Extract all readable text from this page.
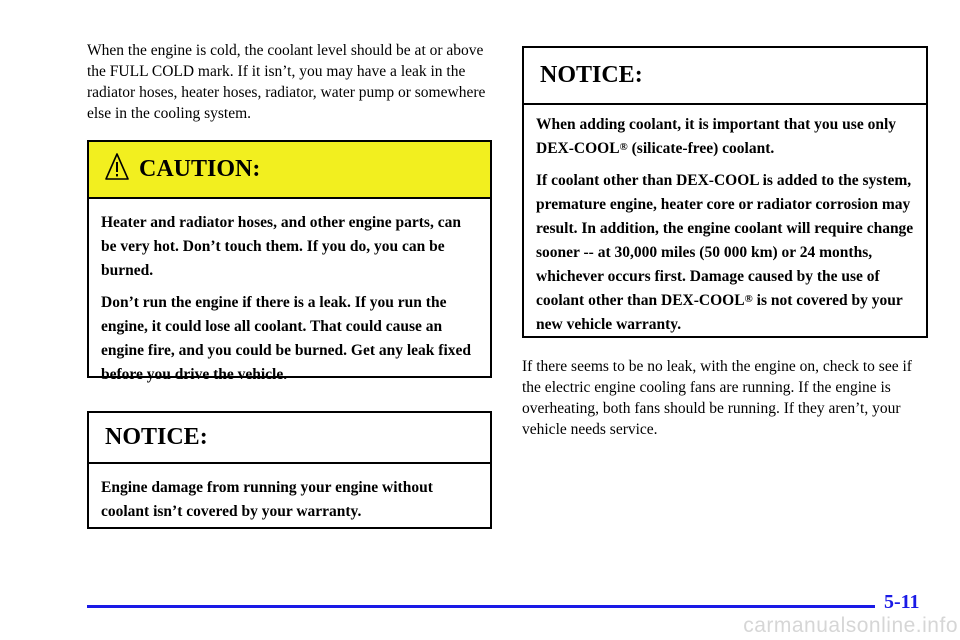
When the engine is cold, the coolant level should be at or above the FULL COLD mark. If it isn’t, you may have a leak in the radiator hoses, heater hoses, radiator, water pump or somewhere else in the cooling system.

CAUTION:

Heater and radiator hoses, and other engine parts, can be very hot. Don’t touch them. If you do, you can be burned.

Don’t run the engine if there is a leak. If you run the engine, it could lose all coolant. That could cause an engine fire, and you could be burned. Get any leak fixed before you drive the vehicle.

NOTICE:

Engine damage from running your engine without coolant isn’t covered by your warranty.

NOTICE:

When adding coolant, it is important that you use only DEX-COOL® (silicate-free) coolant.

If coolant other than DEX-COOL is added to the system, premature engine, heater core or radiator corrosion may result. In addition, the engine coolant will require change sooner -- at 30,000 miles (50 000 km) or 24 months, whichever occurs first. Damage caused by the use of coolant other than DEX-COOL® is not covered by your new vehicle warranty.

If there seems to be no leak, with the engine on, check to see if the electric engine cooling fans are running. If the engine is overheating, both fans should be running. If they aren’t, your vehicle needs service.

5-11
carmanualsonline.info
